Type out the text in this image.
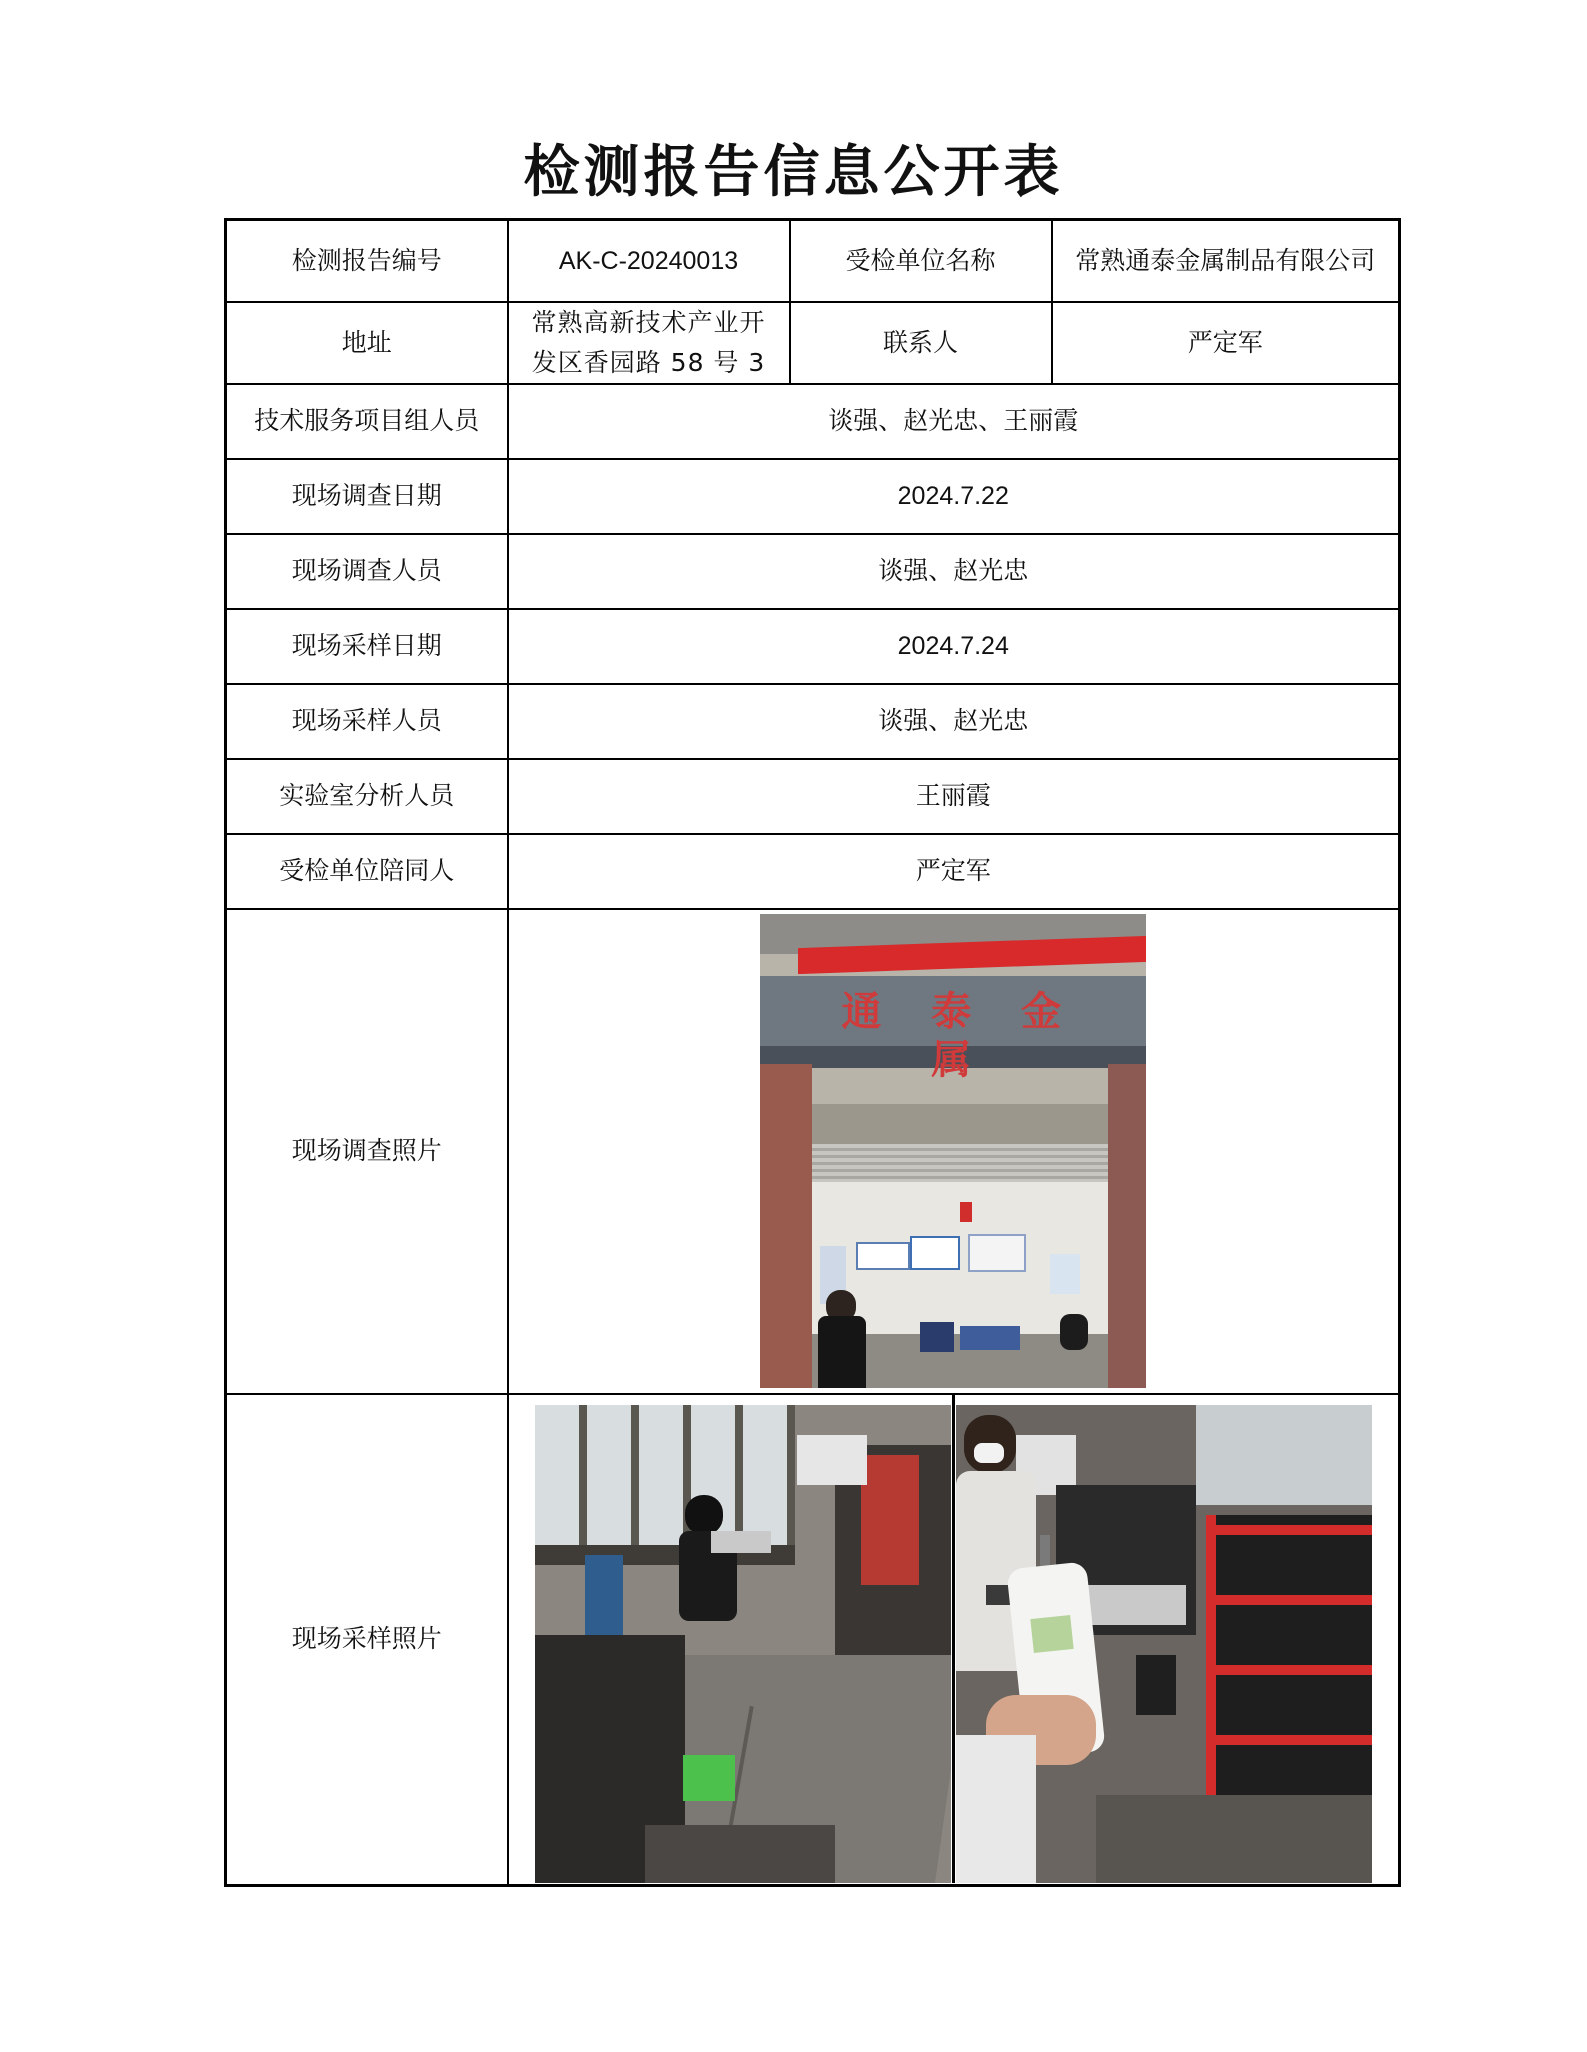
检测报告信息公开表
检测报告编号	AK-C-20240013	受检单位名称	常熟通泰金属制品有限公司
地址	常熟高新技术产业开发区香园路 58 号 3	联系人	严定军
技术服务项目组人员	谈强、赵光忠、王丽霞		
现场调查日期	2024.7.22		
现场调查人员	谈强、赵光忠		
现场采样日期	2024.7.24		
现场采样人员	谈强、赵光忠		
实验室分析人员	王丽霞		
受检单位陪同人	严定军		
现场调查照片	通 泰 金 属		

现场采样照片			
